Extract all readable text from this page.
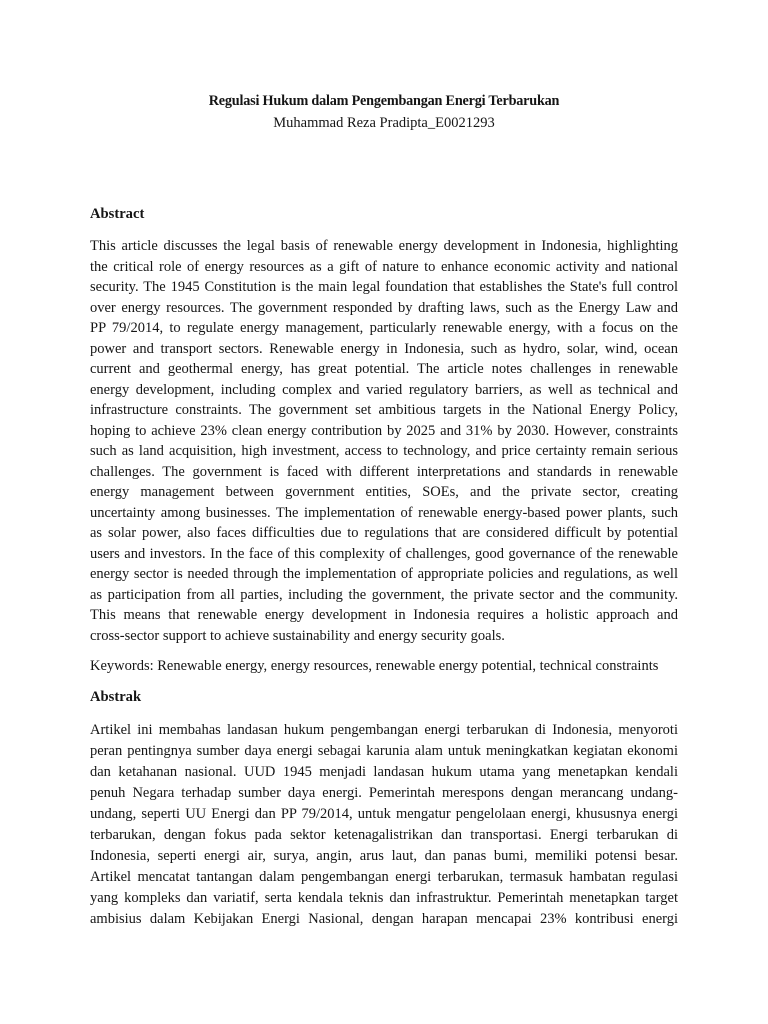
Regulasi Hukum dalam Pengembangan Energi Terbarukan
Muhammad Reza Pradipta_E0021293
Abstract
This article discusses the legal basis of renewable energy development in Indonesia, highlighting
the critical role of energy resources as a gift of nature to enhance economic activity and national
security. The 1945 Constitution is the main legal foundation that establishes the State's full control
over energy resources. The government responded by drafting laws, such as the Energy Law and
PP 79/2014, to regulate energy management, particularly renewable energy, with a focus on the
power and transport sectors. Renewable energy in Indonesia, such as hydro, solar, wind, ocean
current and geothermal energy, has great potential. The article notes challenges in renewable
energy development, including complex and varied regulatory barriers, as well as technical and
infrastructure constraints. The government set ambitious targets in the National Energy Policy,
hoping to achieve 23% clean energy contribution by 2025 and 31% by 2030. However, constraints
such as land acquisition, high investment, access to technology, and price certainty remain serious
challenges. The government is faced with different interpretations and standards in renewable
energy management between government entities, SOEs, and the private sector, creating
uncertainty among businesses. The implementation of renewable energy-based power plants, such
as solar power, also faces difficulties due to regulations that are considered difficult by potential
users and investors. In the face of this complexity of challenges, good governance of the renewable
energy sector is needed through the implementation of appropriate policies and regulations, as well
as participation from all parties, including the government, the private sector and the community.
This means that renewable energy development in Indonesia requires a holistic approach and
cross-sector support to achieve sustainability and energy security goals.
Keywords: Renewable energy, energy resources, renewable energy potential, technical constraints
Abstrak
Artikel ini membahas landasan hukum pengembangan energi terbarukan di Indonesia, menyoroti
peran pentingnya sumber daya energi sebagai karunia alam untuk meningkatkan kegiatan ekonomi
dan ketahanan nasional. UUD 1945 menjadi landasan hukum utama yang menetapkan kendali
penuh Negara terhadap sumber daya energi. Pemerintah merespons dengan merancang undang-
undang, seperti UU Energi dan PP 79/2014, untuk mengatur pengelolaan energi, khususnya energi
terbarukan, dengan fokus pada sektor ketenagalistrikan dan transportasi. Energi terbarukan di
Indonesia, seperti energi air, surya, angin, arus laut, dan panas bumi, memiliki potensi besar.
Artikel mencatat tantangan dalam pengembangan energi terbarukan, termasuk hambatan regulasi
yang kompleks dan variatif, serta kendala teknis dan infrastruktur. Pemerintah menetapkan target
ambisius dalam Kebijakan Energi Nasional, dengan harapan mencapai 23% kontribusi energi
